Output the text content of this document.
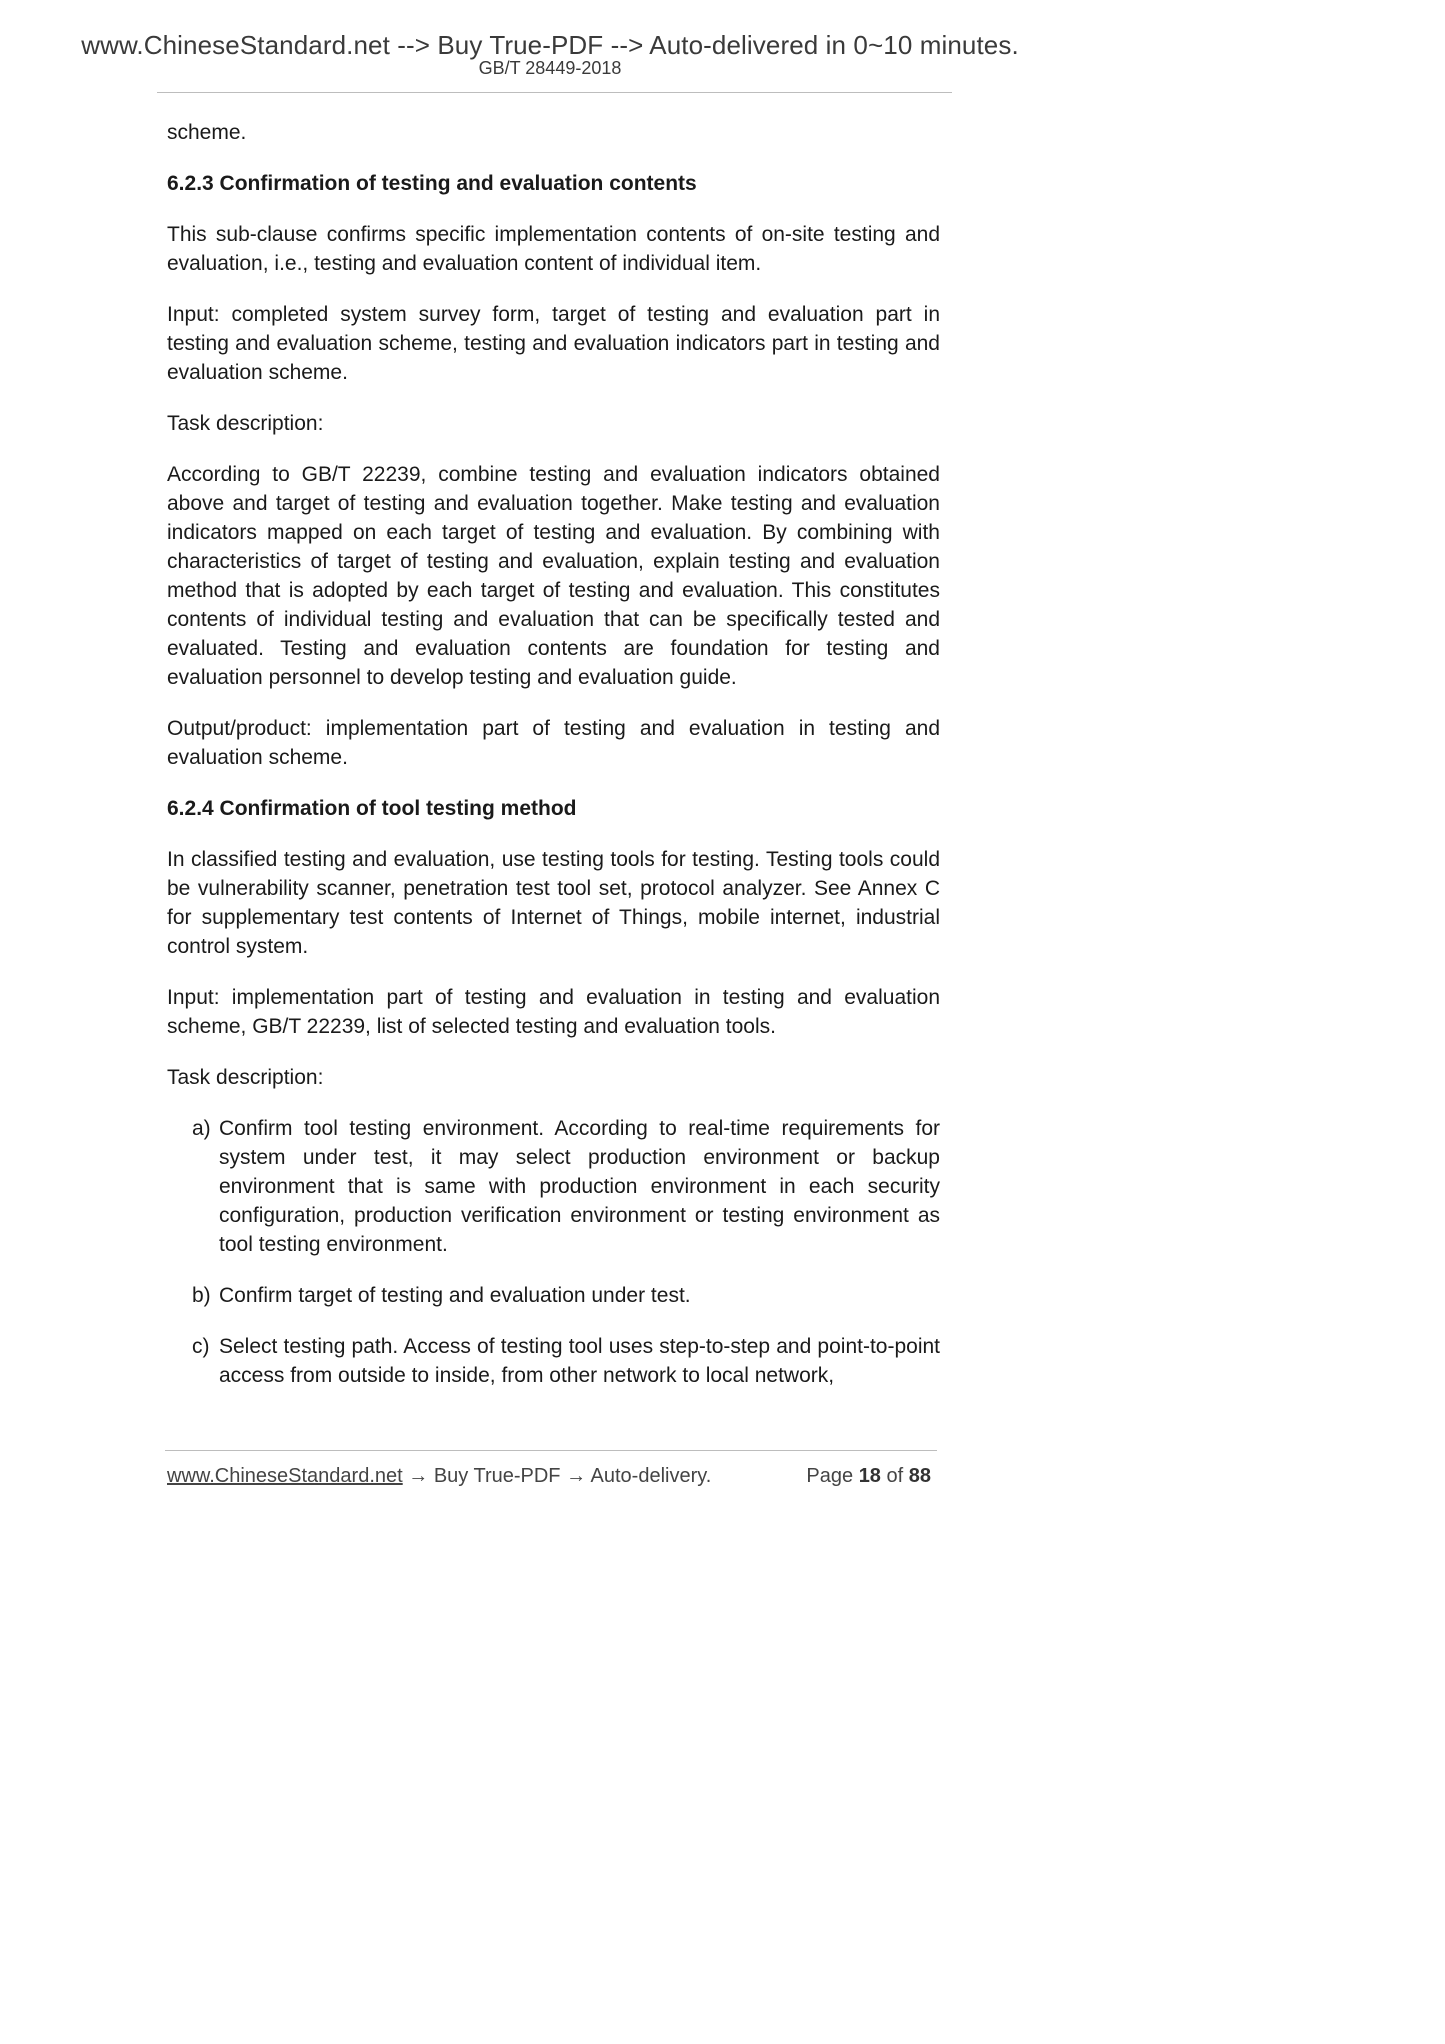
www.ChineseStandard.net --> Buy True-PDF --> Auto-delivered in 0~10 minutes.
GB/T 28449-2018

scheme.

6.2.3 Confirmation of testing and evaluation contents

This sub-clause confirms specific implementation contents of on-site testing and evaluation, i.e., testing and evaluation content of individual item.

Input: completed system survey form, target of testing and evaluation part in testing and evaluation scheme, testing and evaluation indicators part in testing and evaluation scheme.

Task description:

According to GB/T 22239, combine testing and evaluation indicators obtained above and target of testing and evaluation together. Make testing and evaluation indicators mapped on each target of testing and evaluation. By combining with characteristics of target of testing and evaluation, explain testing and evaluation method that is adopted by each target of testing and evaluation. This constitutes contents of individual testing and evaluation that can be specifically tested and evaluated. Testing and evaluation contents are foundation for testing and evaluation personnel to develop testing and evaluation guide.

Output/product: implementation part of testing and evaluation in testing and evaluation scheme.

6.2.4 Confirmation of tool testing method

In classified testing and evaluation, use testing tools for testing. Testing tools could be vulnerability scanner, penetration test tool set, protocol analyzer. See Annex C for supplementary test contents of Internet of Things, mobile internet, industrial control system.

Input: implementation part of testing and evaluation in testing and evaluation scheme, GB/T 22239, list of selected testing and evaluation tools.

Task description:

a) Confirm tool testing environment. According to real-time requirements for system under test, it may select production environment or backup environment that is same with production environment in each security configuration, production verification environment or testing environment as tool testing environment.
b) Confirm target of testing and evaluation under test.
c) Select testing path. Access of testing tool uses step-to-step and point-to-point access from outside to inside, from other network to local network,
www.ChineseStandard.net → Buy True-PDF → Auto-delivery.	Page 18 of 88
